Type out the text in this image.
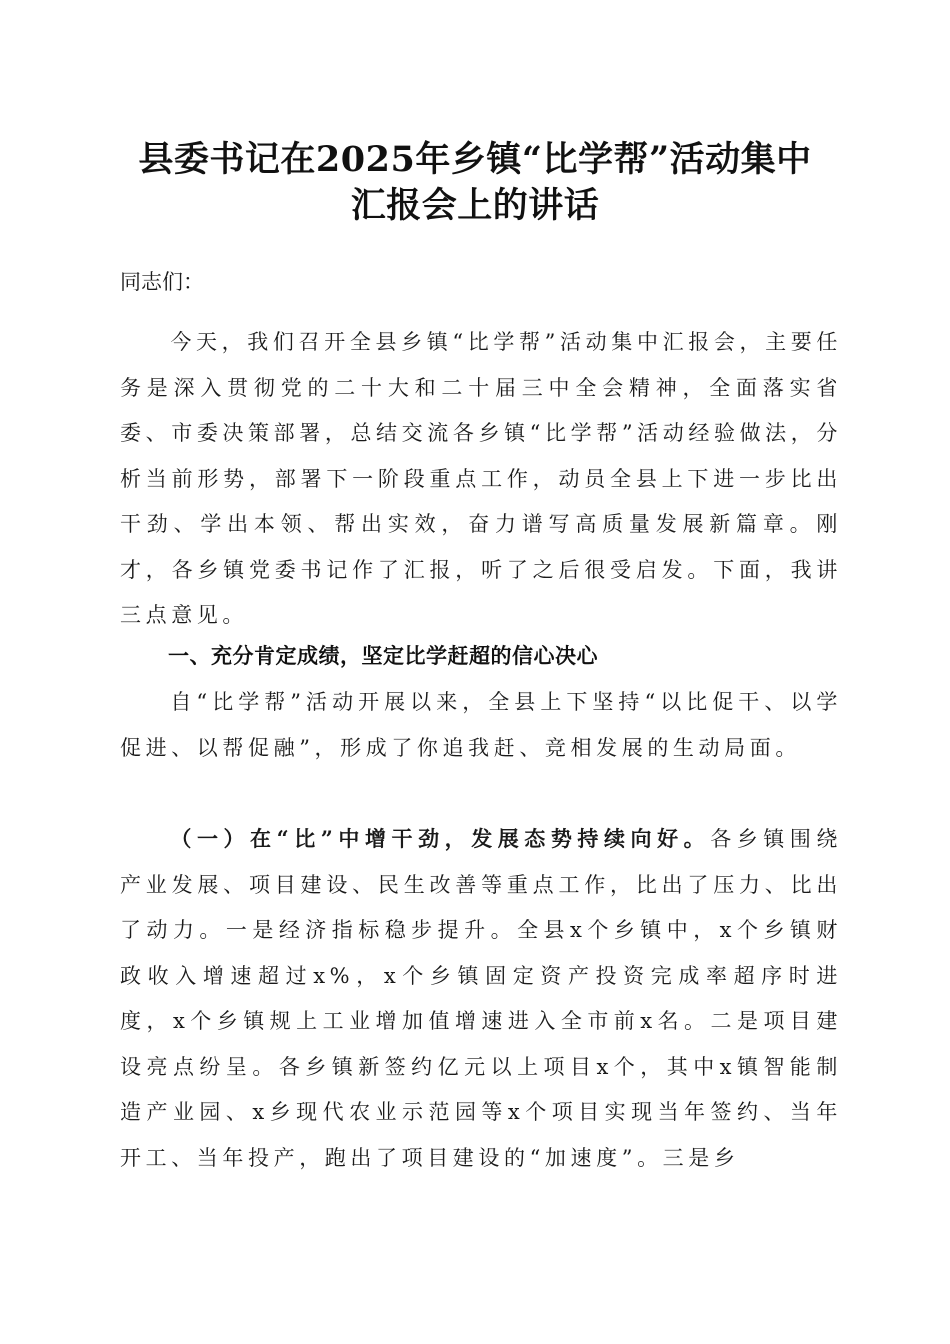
县委书记在2025年乡镇“比学帮”活动集中
汇报会上的讲话
同志们：

今天，我们召开全县乡镇“比学帮”活动集中汇报会，主要任务是深入贯彻党的二十大和二十届三中全会精神，全面落实省委、市委决策部署，总结交流各乡镇“比学帮”活动经验做法，分析当前形势，部署下一阶段重点工作，动员全县上下进一步比出干劲、学出本领、帮出实效，奋力谱写高质量发展新篇章。刚才，各乡镇党委书记作了汇报，听了之后很受启发。下面，我讲三点意见。

一、充分肯定成绩，坚定比学赶超的信心决心

自“比学帮”活动开展以来，全县上下坚持“以比促干、以学促进、以帮促融”，形成了你追我赶、竞相发展的生动局面。

（一）在“比”中增干劲，发展态势持续向好。各乡镇围绕产业发展、项目建设、民生改善等重点工作，比出了压力、比出了动力。一是经济指标稳步提升。全县x个乡镇中，x个乡镇财政收入增速超过x%，x个乡镇固定资产投资完成率超序时进度，x个乡镇规上工业增加值增速进入全市前x名。二是项目建设亮点纷呈。各乡镇新签约亿元以上项目x个，其中x镇智能制造产业园、x乡现代农业示范园等x个项目实现当年签约、当年开工、当年投产，跑出了项目建设的“加速度”。三是乡
